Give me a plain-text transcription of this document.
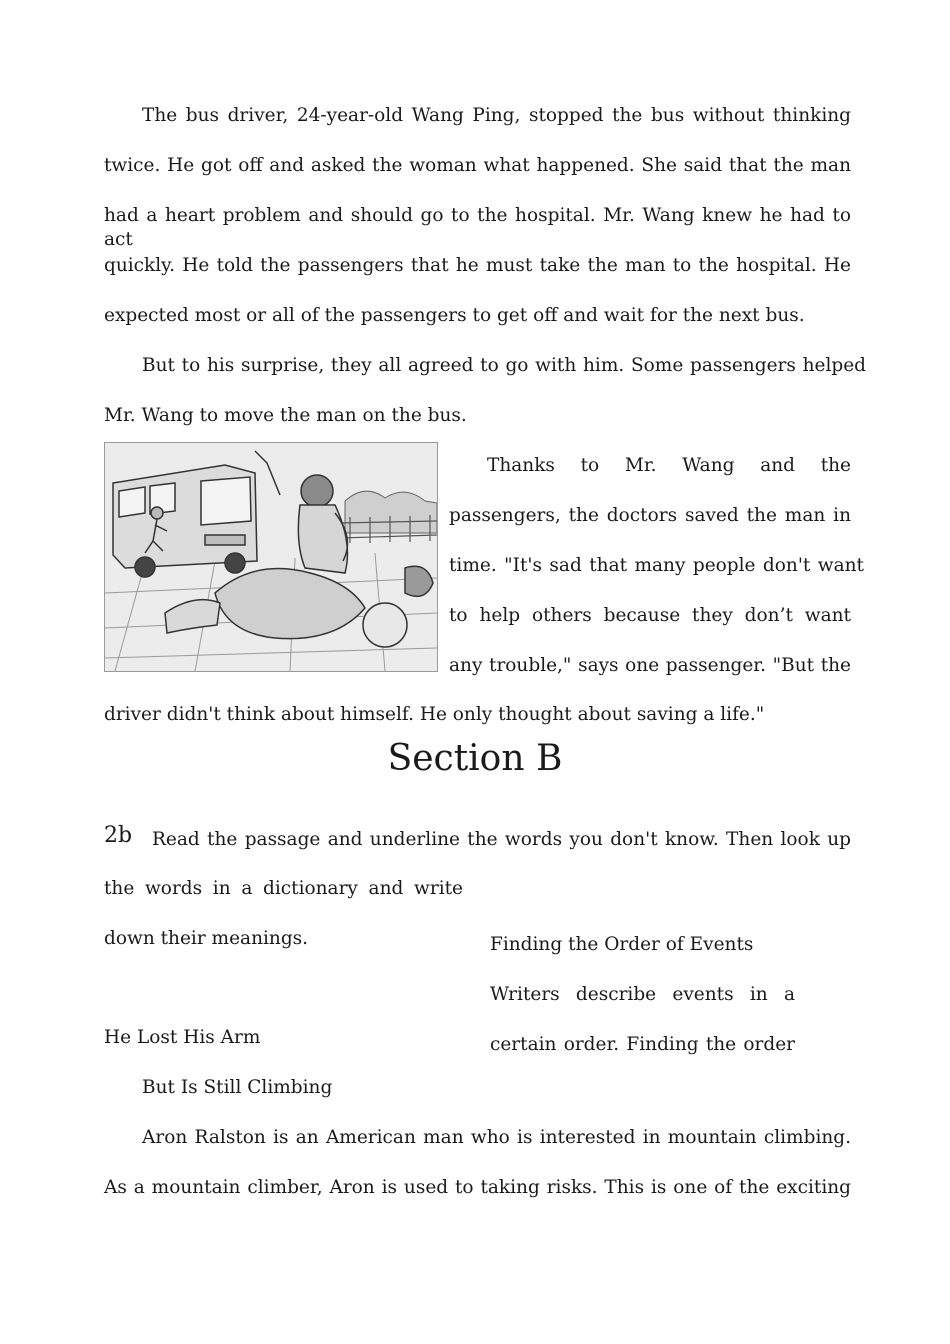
The bus driver, 24-year-old Wang Ping, stopped the bus without thinking
twice. He got off and asked the woman what happened. She said that the man
had a heart problem and should go to the hospital. Mr. Wang knew he had to act
quickly. He told the passengers that he must take the man to the hospital. He
expected most or all of the passengers to get off and wait for the next bus.
But to his surprise, they all agreed to go with him. Some passengers helped
Mr. Wang to move the man on the bus.
Thanks to Mr. Wang and the
passengers, the doctors saved the man in
time. "It's sad that many people don't want
to help others because they don’t want
any trouble," says one passenger. "But the
driver didn't think about himself. He only thought about saving a life."
Section B
2b Read the passage and underline the words you don't know. Then look up
the words in a dictionary and write
down their meanings.	Finding the Order of Events
Writers describe events in a
certain order. Finding the order
He Lost His Arm
But Is Still Climbing
Aron Ralston is an American man who is interested in mountain climbing.
As a mountain climber, Aron is used to taking risks. This is one of the exciting
